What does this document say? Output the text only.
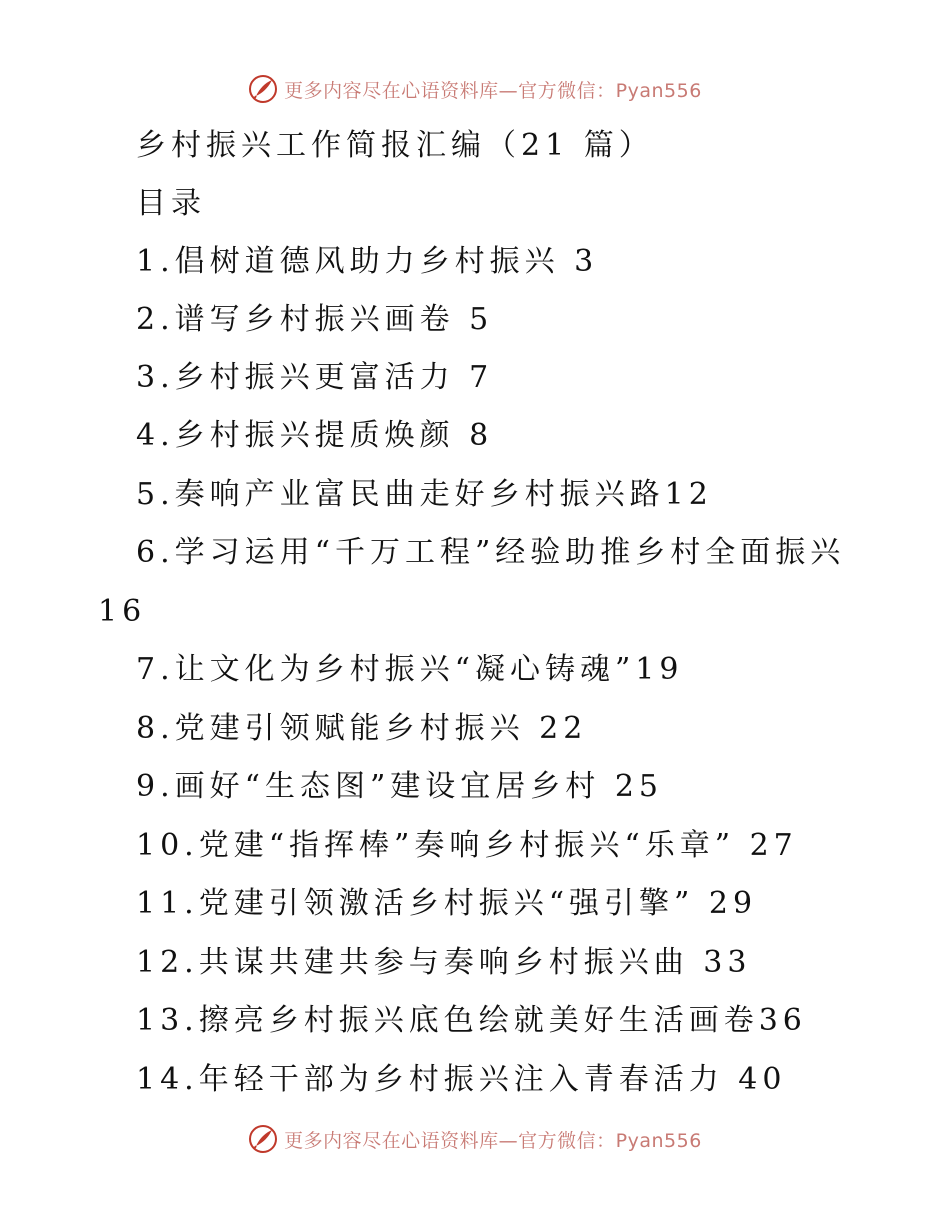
更多内容尽在心语资料库—官方微信：Pyan556
乡村振兴工作简报汇编（21 篇）
目录
1.倡树道德风助力乡村振兴 3
2.谱写乡村振兴画卷 5
3.乡村振兴更富活力 7
4.乡村振兴提质焕颜 8
5.奏响产业富民曲走好乡村振兴路12
6.学习运用“千万工程”经验助推乡村全面振兴
16
7.让文化为乡村振兴“凝心铸魂”19
8.党建引领赋能乡村振兴 22
9.画好“生态图”建设宜居乡村 25
10.党建“指挥棒”奏响乡村振兴“乐章” 27
11.党建引领激活乡村振兴“强引擎” 29
12.共谋共建共参与奏响乡村振兴曲 33
13.擦亮乡村振兴底色绘就美好生活画卷36
14.年轻干部为乡村振兴注入青春活力 40
更多内容尽在心语资料库—官方微信：Pyan556
